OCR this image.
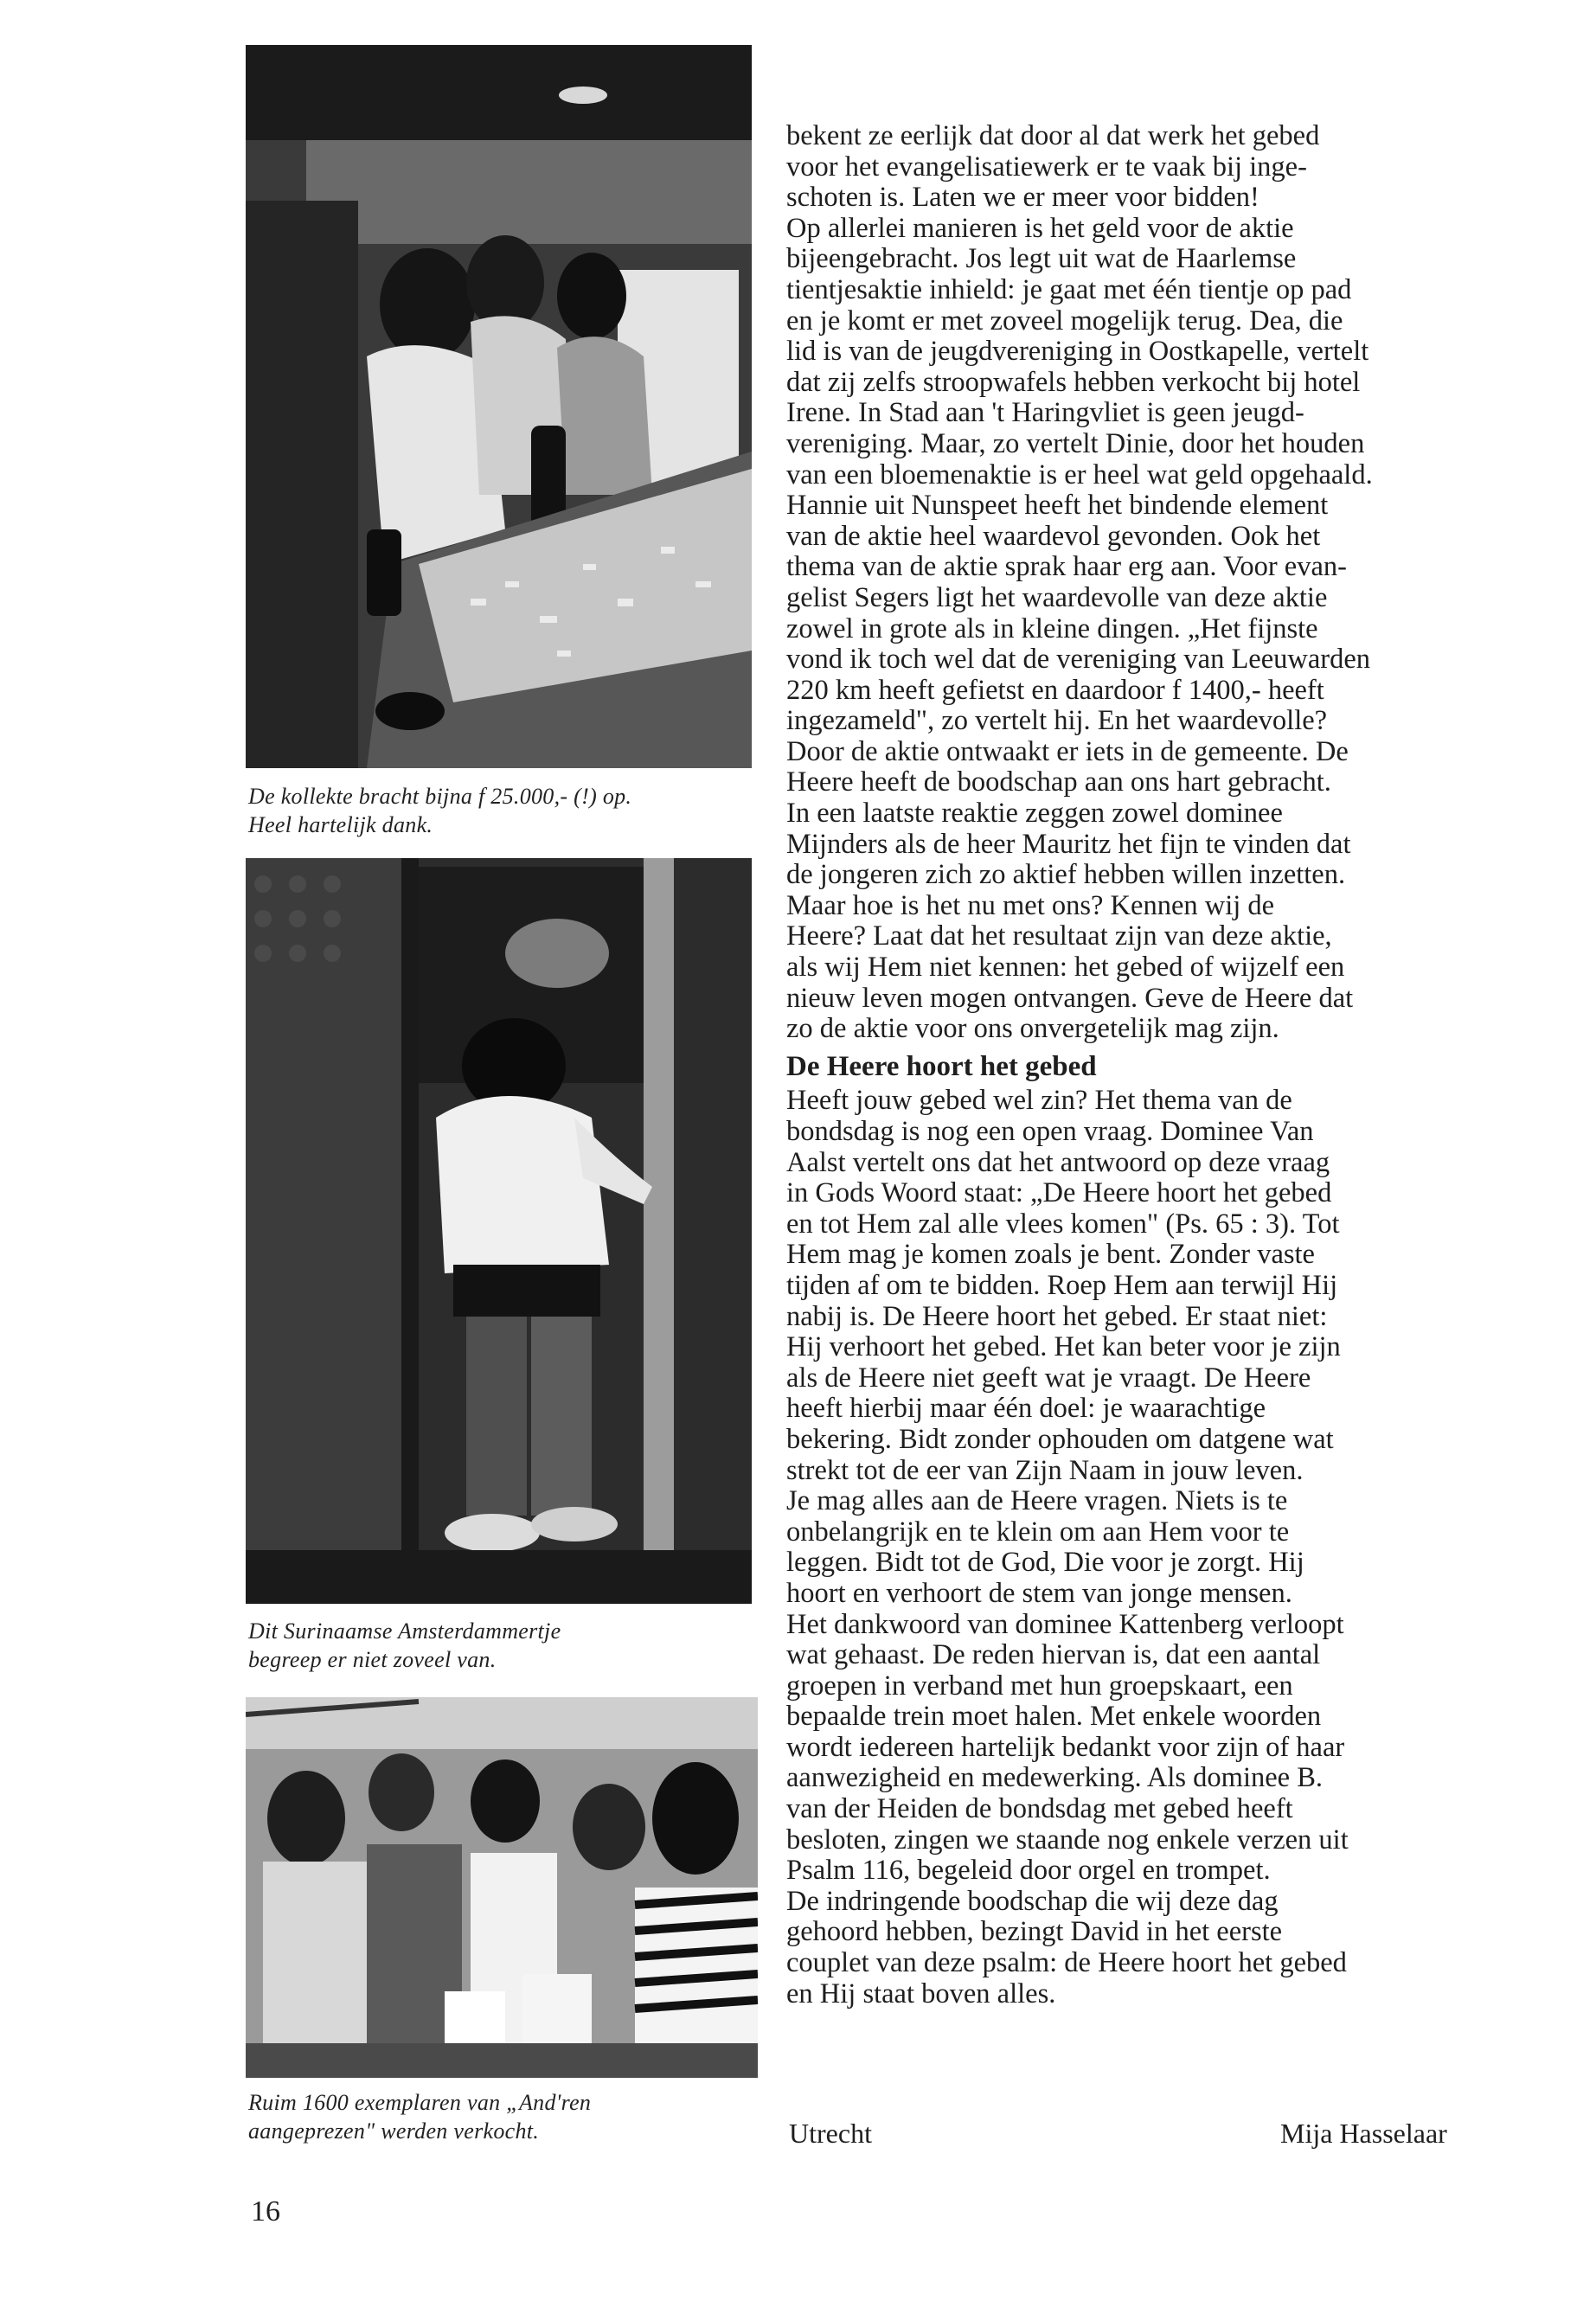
De kollekte bracht bijna f 25.000,- (!) op.
Heel hartelijk dank.
Dit Surinaamse Amsterdammertje
begreep er niet zoveel van.
Ruim 1600 exemplaren van „And'ren
aangeprezen" werden verkocht.
bekent ze eerlijk dat door al dat werk het gebed
voor het evangelisatiewerk er te vaak bij inge-
schoten is. Laten we er meer voor bidden!
Op allerlei manieren is het geld voor de aktie
bijeengebracht. Jos legt uit wat de Haarlemse
tientjesaktie inhield: je gaat met één tientje op pad
en je komt er met zoveel mogelijk terug. Dea, die
lid is van de jeugdvereniging in Oostkapelle, vertelt
dat zij zelfs stroopwafels hebben verkocht bij hotel
Irene. In Stad aan 't Haringvliet is geen jeugd-
vereniging. Maar, zo vertelt Dinie, door het houden
van een bloemenaktie is er heel wat geld opgehaald.
Hannie uit Nunspeet heeft het bindende element
van de aktie heel waardevol gevonden. Ook het
thema van de aktie sprak haar erg aan. Voor evan-
gelist Segers ligt het waardevolle van deze aktie
zowel in grote als in kleine dingen. „Het fijnste
vond ik toch wel dat de vereniging van Leeuwarden
220 km heeft gefietst en daardoor f 1400,- heeft
ingezameld", zo vertelt hij. En het waardevolle?
Door de aktie ontwaakt er iets in de gemeente. De
Heere heeft de boodschap aan ons hart gebracht.
In een laatste reaktie zeggen zowel dominee
Mijnders als de heer Mauritz het fijn te vinden dat
de jongeren zich zo aktief hebben willen inzetten.
Maar hoe is het nu met ons? Kennen wij de
Heere? Laat dat het resultaat zijn van deze aktie,
als wij Hem niet kennen: het gebed of wijzelf een
nieuw leven mogen ontvangen. Geve de Heere dat
zo de aktie voor ons onvergetelijk mag zijn.
De Heere hoort het gebed
Heeft jouw gebed wel zin? Het thema van de
bondsdag is nog een open vraag. Dominee Van
Aalst vertelt ons dat het antwoord op deze vraag
in Gods Woord staat: „De Heere hoort het gebed
en tot Hem zal alle vlees komen" (Ps. 65 : 3). Tot
Hem mag je komen zoals je bent. Zonder vaste
tijden af om te bidden. Roep Hem aan terwijl Hij
nabij is. De Heere hoort het gebed. Er staat niet:
Hij verhoort het gebed. Het kan beter voor je zijn
als de Heere niet geeft wat je vraagt. De Heere
heeft hierbij maar één doel: je waarachtige
bekering. Bidt zonder ophouden om datgene wat
strekt tot de eer van Zijn Naam in jouw leven.
Je mag alles aan de Heere vragen. Niets is te
onbelangrijk en te klein om aan Hem voor te
leggen. Bidt tot de God, Die voor je zorgt. Hij
hoort en verhoort de stem van jonge mensen.
Het dankwoord van dominee Kattenberg verloopt
wat gehaast. De reden hiervan is, dat een aantal
groepen in verband met hun groepskaart, een
bepaalde trein moet halen. Met enkele woorden
wordt iedereen hartelijk bedankt voor zijn of haar
aanwezigheid en medewerking. Als dominee B.
van der Heiden de bondsdag met gebed heeft
besloten, zingen we staande nog enkele verzen uit
Psalm 116, begeleid door orgel en trompet.
De indringende boodschap die wij deze dag
gehoord hebben, bezingt David in het eerste
couplet van deze psalm: de Heere hoort het gebed
en Hij staat boven alles.
Utrecht	Mija Hasselaar
16
